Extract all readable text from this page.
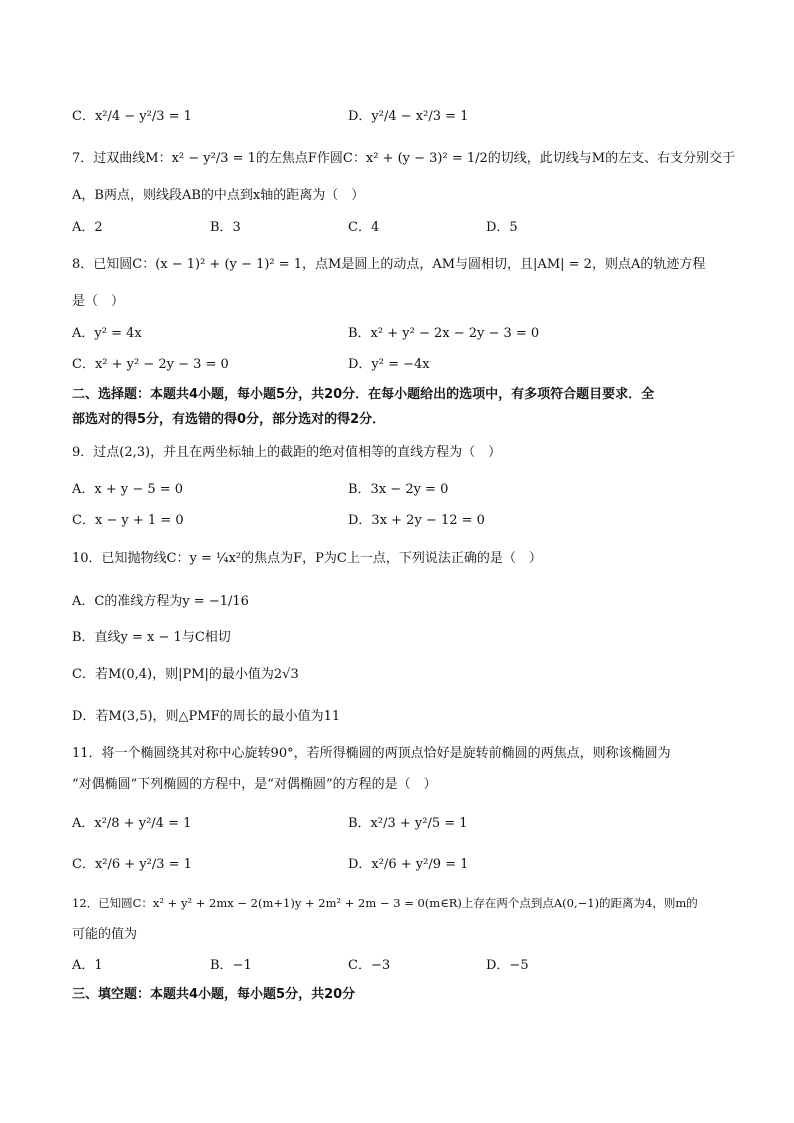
C．x²/4 − y²/3 = 1	D．y²/4 − x²/3 = 1
7．过双曲线M：x² − y²/3 = 1的左焦点F作圆C：x² + (y − 3)² = 1/2的切线，此切线与M的左支、右支分别交于
A，B两点，则线段AB的中点到x轴的距离为（　）
A．2	B．3	C．4	D．5
8．已知圆C：(x − 1)² + (y − 1)² = 1，点M是圆上的动点，AM与圆相切，且|AM| = 2，则点A的轨迹方程
是（　）
A．y² = 4x	B．x² + y² − 2x − 2y − 3 = 0
C．x² + y² − 2y − 3 = 0	D．y² = −4x
二、选择题：本题共4小题，每小题5分，共20分．在每小题给出的选项中，有多项符合题目要求．全
部选对的得5分，有选错的得0分，部分选对的得2分．
9．过点(2,3)，并且在两坐标轴上的截距的绝对值相等的直线方程为（　）
A．x + y − 5 = 0	B．3x − 2y = 0
C．x − y + 1 = 0	D．3x + 2y − 12 = 0
10．已知抛物线C：y = ¼x²的焦点为F，P为C上一点，下列说法正确的是（　）
A．C的准线方程为y = −1/16
B．直线y = x − 1与C相切
C．若M(0,4)，则|PM|的最小值为2√3
D．若M(3,5)，则△PMF的周长的最小值为11
11．将一个椭圆绕其对称中心旋转90°，若所得椭圆的两顶点恰好是旋转前椭圆的两焦点，则称该椭圆为
“对偶椭圆”下列椭圆的方程中，是“对偶椭圆”的方程的是（　）
A．x²/8 + y²/4 = 1	B．x²/3 + y²/5 = 1
C．x²/6 + y²/3 = 1	D．x²/6 + y²/9 = 1
12．已知圆C：x² + y² + 2mx − 2(m+1)y + 2m² + 2m − 3 = 0(m∈R)上存在两个点到点A(0,−1)的距离为4，则m的
可能的值为
A．1	B．−1	C．−3	D．−5
三、填空题：本题共4小题，每小题5分，共20分
